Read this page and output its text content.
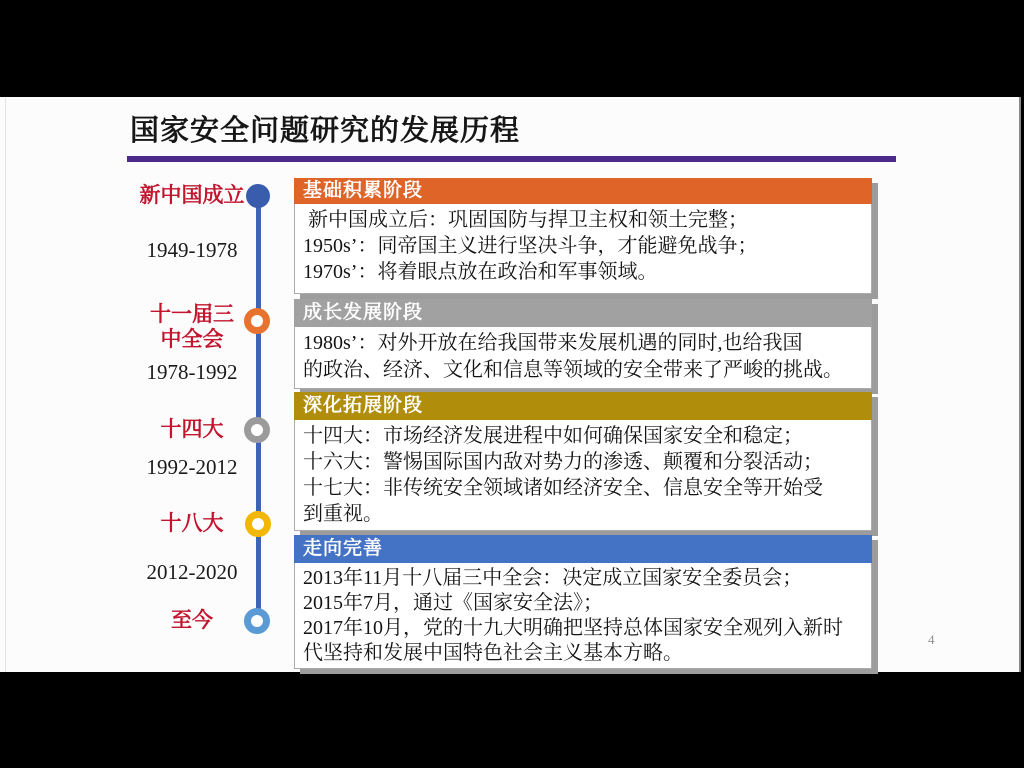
国家安全问题研究的发展历程
新中国成立
1949-1978
十一届三
中全会
1978-1992
十四大
1992-2012
十八大
2012-2020
至今
基础积累阶段
新中国成立后：巩固国防与捍卫主权和领土完整；
1950s’：同帝国主义进行坚决斗争，才能避免战争；
1970s’：将着眼点放在政治和军事领域。
成长发展阶段
1980s’：对外开放在给我国带来发展机遇的同时,也给我国
的政治、经济、文化和信息等领域的安全带来了严峻的挑战。
深化拓展阶段
十四大：市场经济发展进程中如何确保国家安全和稳定；
十六大：警惕国际国内敌对势力的渗透、颠覆和分裂活动；
十七大：非传统安全领域诸如经济安全、信息安全等开始受
到重视。
走向完善
2013年11月十八届三中全会：决定成立国家安全委员会；
2015年7月，通过《国家安全法》；
2017年10月，党的十九大明确把坚持总体国家安全观列入新时
代坚持和发展中国特色社会主义基本方略。
4
